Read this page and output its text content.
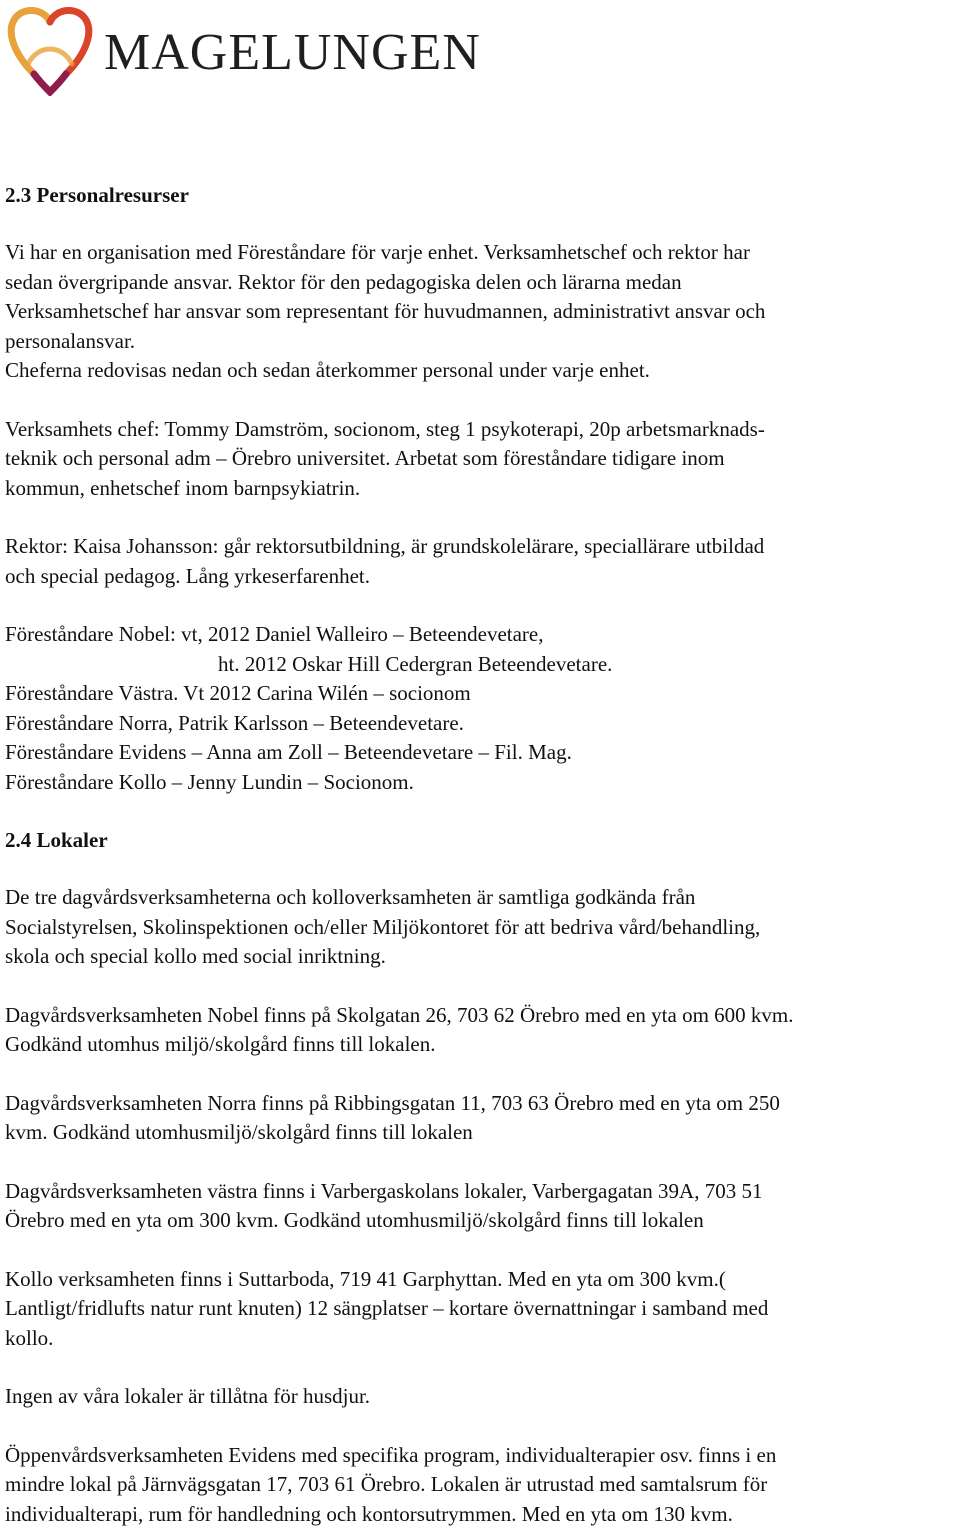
MAGELUNGEN
2.3 Personalresurser

Vi har en organisation med Föreståndare för varje enhet. Verksamhetschef och rektor har

sedan övergripande ansvar. Rektor för den pedagogiska delen och lärarna medan

Verksamhetschef har ansvar som representant för huvudmannen, administrativt ansvar och

personalansvar.

Cheferna redovisas nedan och sedan återkommer personal under varje enhet.

Verksamhets chef: Tommy Damström, socionom, steg 1 psykoterapi, 20p arbetsmarknads-

teknik och personal adm – Örebro universitet. Arbetat som föreståndare tidigare inom

kommun, enhetschef inom barnpsykiatrin.

Rektor: Kaisa Johansson: går rektorsutbildning, är grundskolelärare, speciallärare utbildad

och special pedagog. Lång yrkeserfarenhet.

Föreståndare Nobel: vt, 2012 Daniel Walleiro – Beteendevetare,

ht. 2012 Oskar Hill Cedergran Beteendevetare.

Föreståndare Västra. Vt 2012 Carina Wilén – socionom

Föreståndare Norra, Patrik Karlsson – Beteendevetare.

Föreståndare Evidens – Anna am Zoll – Beteendevetare – Fil. Mag.

Föreståndare Kollo – Jenny Lundin – Socionom.

2.4 Lokaler

De tre dagvårdsverksamheterna och kolloverksamheten är samtliga godkända från

Socialstyrelsen, Skolinspektionen och/eller Miljökontoret för att bedriva vård/behandling,

skola och special kollo med social inriktning.

Dagvårdsverksamheten Nobel finns på Skolgatan 26, 703 62 Örebro med en yta om 600 kvm.

Godkänd utomhus miljö/skolgård finns till lokalen.

Dagvårdsverksamheten Norra finns på Ribbingsgatan 11, 703 63 Örebro med en yta om 250

kvm. Godkänd utomhusmiljö/skolgård finns till lokalen

Dagvårdsverksamheten västra finns i Varbergaskolans lokaler, Varbergagatan 39A, 703 51

Örebro med en yta om 300 kvm. Godkänd utomhusmiljö/skolgård finns till lokalen

Kollo verksamheten finns i Suttarboda, 719 41 Garphyttan. Med en yta om 300 kvm.(

Lantligt/fridlufts natur runt knuten) 12 sängplatser – kortare övernattningar i samband med

kollo.

Ingen av våra lokaler är tillåtna för husdjur.

Öppenvårdsverksamheten Evidens med specifika program, individualterapier osv. finns i en

mindre lokal på Järnvägsgatan 17, 703 61 Örebro. Lokalen är utrustad med samtalsrum för

individualterapi, rum för handledning och kontorsutrymmen. Med en yta om 130 kvm.
